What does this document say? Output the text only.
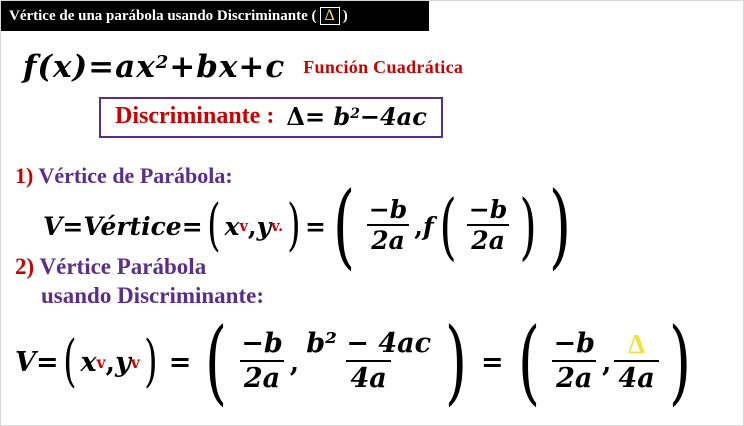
Vértice de una parábola usando Discriminante ( Δ )
$f(x)=ax^2+bx+c$ Función Cuadrática
Discriminante : $\Delta= b^2-4ac$
1) Vértice de Parábola:
V = Vértice = ( x v , y v. ) = ( $\frac{-b}{2a}$ , f ( $\frac{-b}{2a}$ ) )
2) Vértice Parábola
usando Discriminante:
V = ( x v , y v ) = ( $\frac{-b}{2a}$ , $\frac{\text{b² − 4ac}}{4a}$ ) = ( $\frac{-b}{2a}$ , $\frac{\Delta}{4a}$ )
